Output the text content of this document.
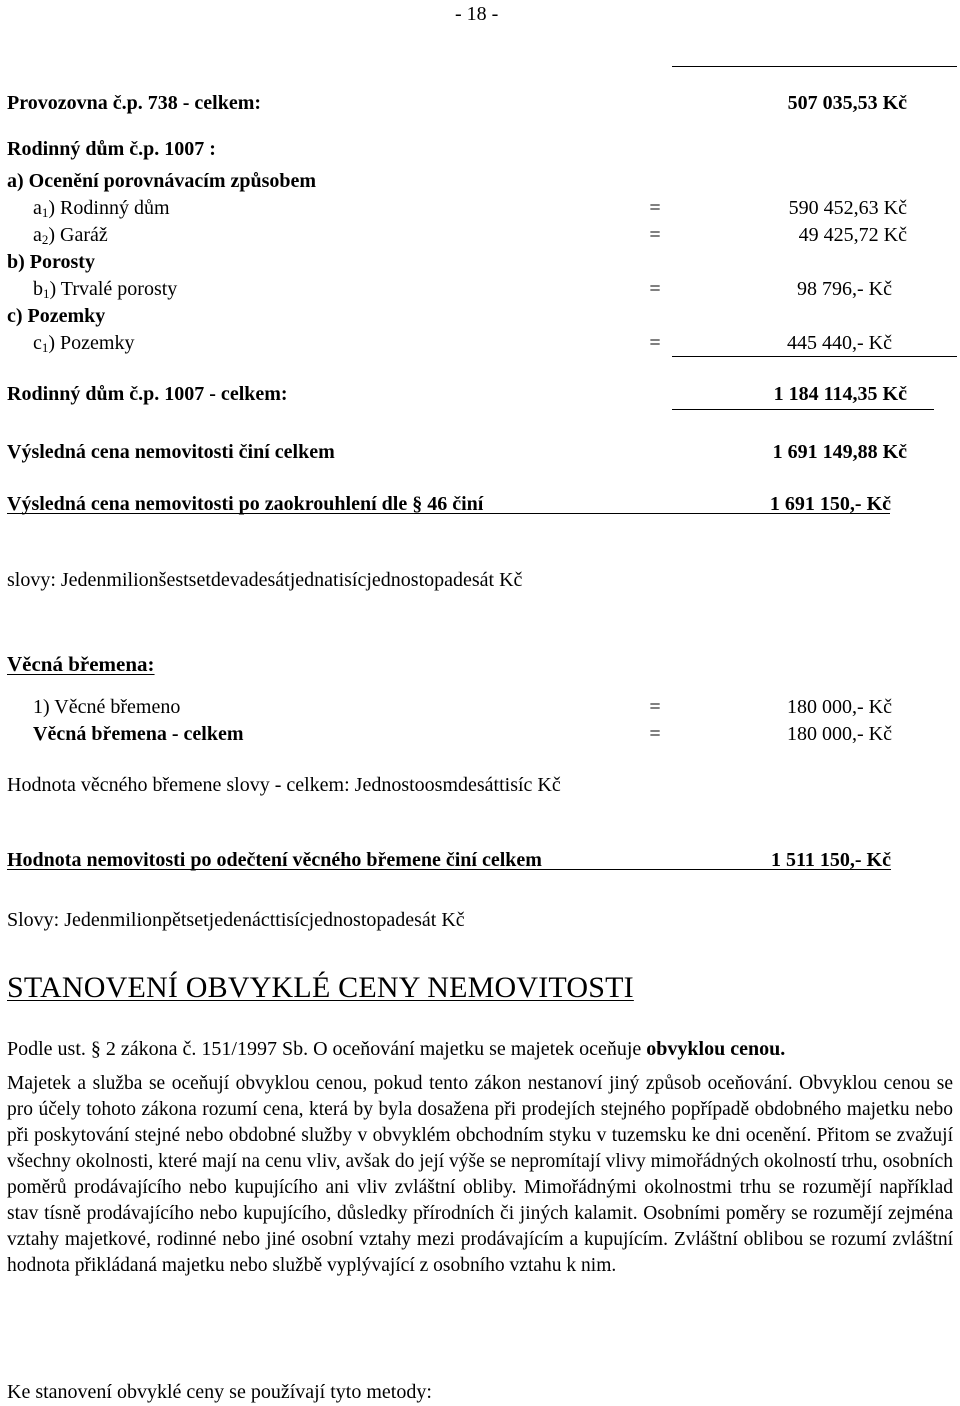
- 18 -
Provozovna č.p. 738 - celkem:	507 035,53 Kč
Rodinný dům č.p. 1007 :
a) Ocenění porovnávacím způsobem
$a_1$) Rodinný dům	=	590 452,63 Kč
$a_2$) Garáž	=	49 425,72 Kč
b) Porosty
$b_1$) Trvalé porosty	=	98 796,- Kč
c) Pozemky
$c_1$) Pozemky	=	445 440,- Kč
Rodinný dům č.p. 1007 - celkem:	1 184 114,35 Kč
Výsledná cena nemovitosti činí celkem	1 691 149,88 Kč
Výsledná cena nemovitosti po zaokrouhlení dle § 46 činí	1 691 150,- Kč
slovy: Jedenmilionšestsetdevadesátjednatisícjednostopadesát Kč
Věcná břemena:
1) Věcné břemeno	=	180 000,- Kč
Věcná břemena - celkem	=	180 000,- Kč
Hodnota věcného břemene slovy - celkem: Jednostoosmdesáttisíc Kč
Hodnota nemovitosti po odečtení věcného břemene činí celkem	1 511 150,- Kč
Slovy: Jedenmilionpětsetjedenácttisícjednostopadesát Kč
STANOVENÍ OBVYKLÉ CENY NEMOVITOSTI
Podle ust. § 2 zákona č. 151/1997 Sb. O oceňování majetku se majetek oceňuje obvyklou cenou.
Majetek a služba se oceňují obvyklou cenou, pokud tento zákon nestanoví jiný způsob oceňování. Obvyklou cenou se pro účely tohoto zákona rozumí cena, která by byla dosažena při prodejích stejného popřípadě obdobného majetku nebo při poskytování stejné nebo obdobné služby v obvyklém obchodním styku v tuzemsku ke dni ocenění. Přitom se zvažují všechny okolnosti, které mají na cenu vliv, avšak do její výše se nepromítají vlivy mimořádných okolností trhu, osobních poměrů prodávajícího nebo kupujícího ani vliv zvláštní obliby. Mimořádnými okolnostmi trhu se rozumějí například stav tísně prodávajícího nebo kupujícího, důsledky přírodních či jiných kalamit. Osobními poměry se rozumějí zejména vztahy majetkové, rodinné nebo jiné osobní vztahy mezi prodávajícím a kupujícím. Zvláštní oblibou se rozumí zvláštní hodnota přikládaná majetku nebo službě vyplývající z osobního vztahu k nim.
Ke stanovení obvyklé ceny se používají tyto metody:
